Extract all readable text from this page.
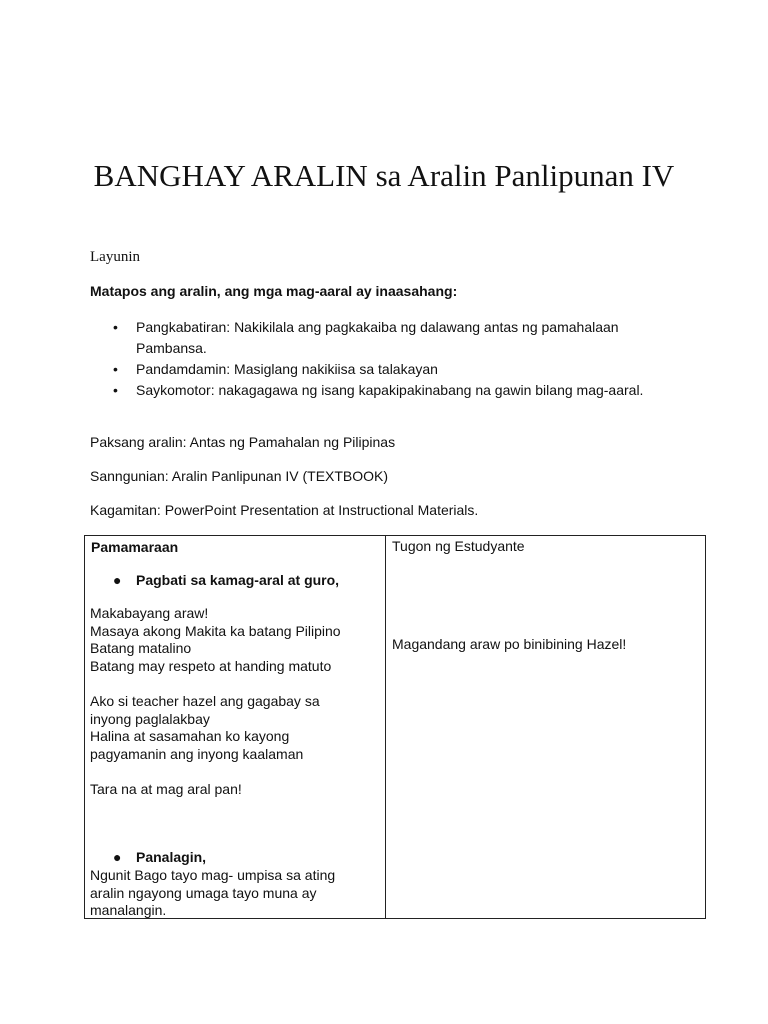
BANGHAY ARALIN sa Aralin Panlipunan IV
Layunin
Matapos ang aralin, ang mga mag-aaral ay inaasahang:
• Pangkabatiran: Nakikilala ang pagkakaiba ng dalawang antas ng pamahalaan Pambansa.
• Pandamdamin: Masiglang nakikiisa sa talakayan
• Saykomotor: nakagagawa ng isang kapakipakinabang na gawin bilang mag-aaral.
Paksang aralin: Antas ng Pamahalan ng Pilipinas
Sanngunian: Aralin Panlipunan IV (TEXTBOOK)
Kagamitan: PowerPoint Presentation at Instructional Materials.
Pamamaraan	Tugon ng Estudyante
Magandang araw po binibining Hazel!
● Pagbati sa kamag-aral at guro,
Makabayang araw!
Masaya akong Makita ka batang Pilipino
Batang matalino
Batang may respeto at handing matuto
Ako si teacher hazel ang gagabay sa
inyong paglalakbay
Halina at sasamahan ko kayong
pagyamanin ang inyong kaalaman
Tara na at mag aral pan!
● Panalagin,
Ngunit Bago tayo mag- umpisa sa ating
aralin ngayong umaga tayo muna ay
manalangin.
